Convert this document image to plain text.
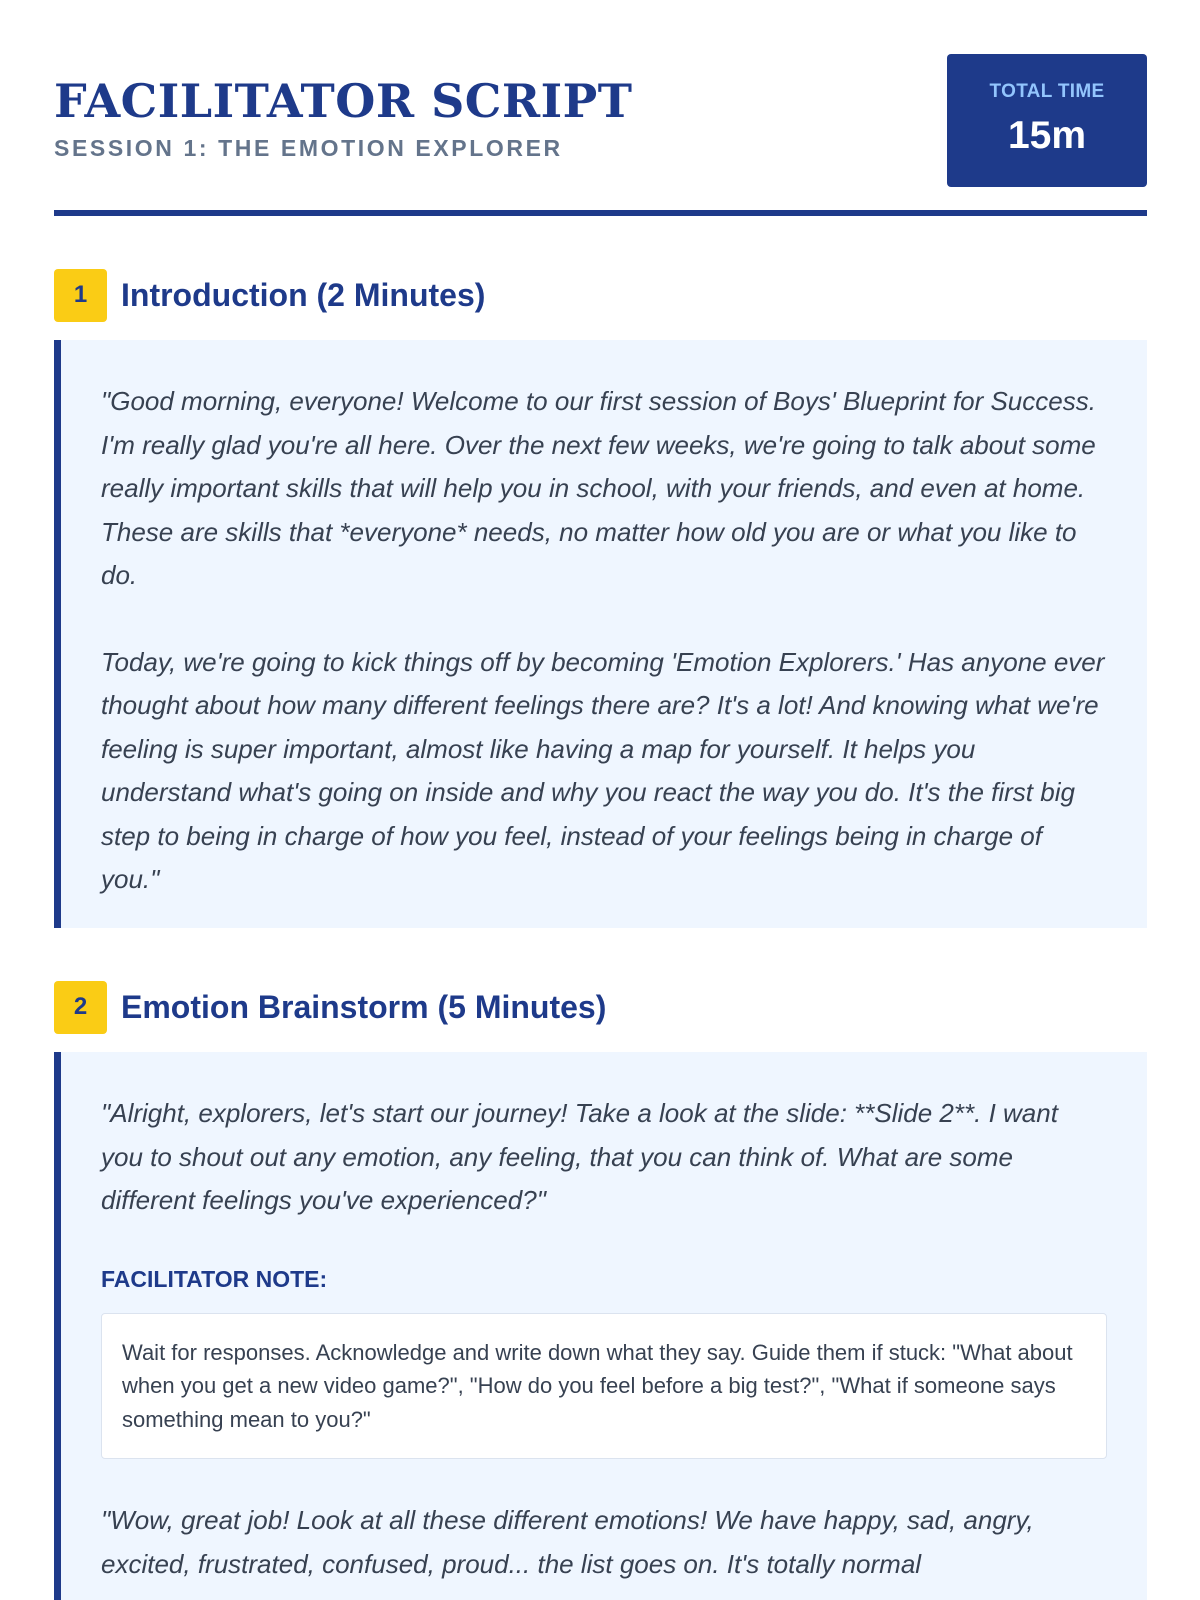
FACILITATOR SCRIPT
SESSION 1: THE EMOTION EXPLORER
TOTAL TIME
15m
1	Introduction (2 Minutes)

"Good morning, everyone! Welcome to our first session of Boys' Blueprint for Success. I'm really glad you're all here. Over the next few weeks, we're going to talk about some really important skills that will help you in school, with your friends, and even at home. These are skills that *everyone* needs, no matter how old you are or what you like to do.

Today, we're going to kick things off by becoming 'Emotion Explorers.' Has anyone ever thought about how many different feelings there are? It's a lot! And knowing what we're feeling is super important, almost like having a map for yourself. It helps you understand what's going on inside and why you react the way you do. It's the first big step to being in charge of how you feel, instead of your feelings being in charge of you."

2	Emotion Brainstorm (5 Minutes)

"Alright, explorers, let's start our journey! Take a look at the slide: **Slide 2**. I want you to shout out any emotion, any feeling, that you can think of. What are some different feelings you've experienced?"

FACILITATOR NOTE:
Wait for responses. Acknowledge and write down what they say. Guide them if stuck: "What about when you get a new video game?", "How do you feel before a big test?", "What if someone says something mean to you?"

"Wow, great job! Look at all these different emotions! We have happy, sad, angry, excited, frustrated, confused, proud... the list goes on. It's totally normal
